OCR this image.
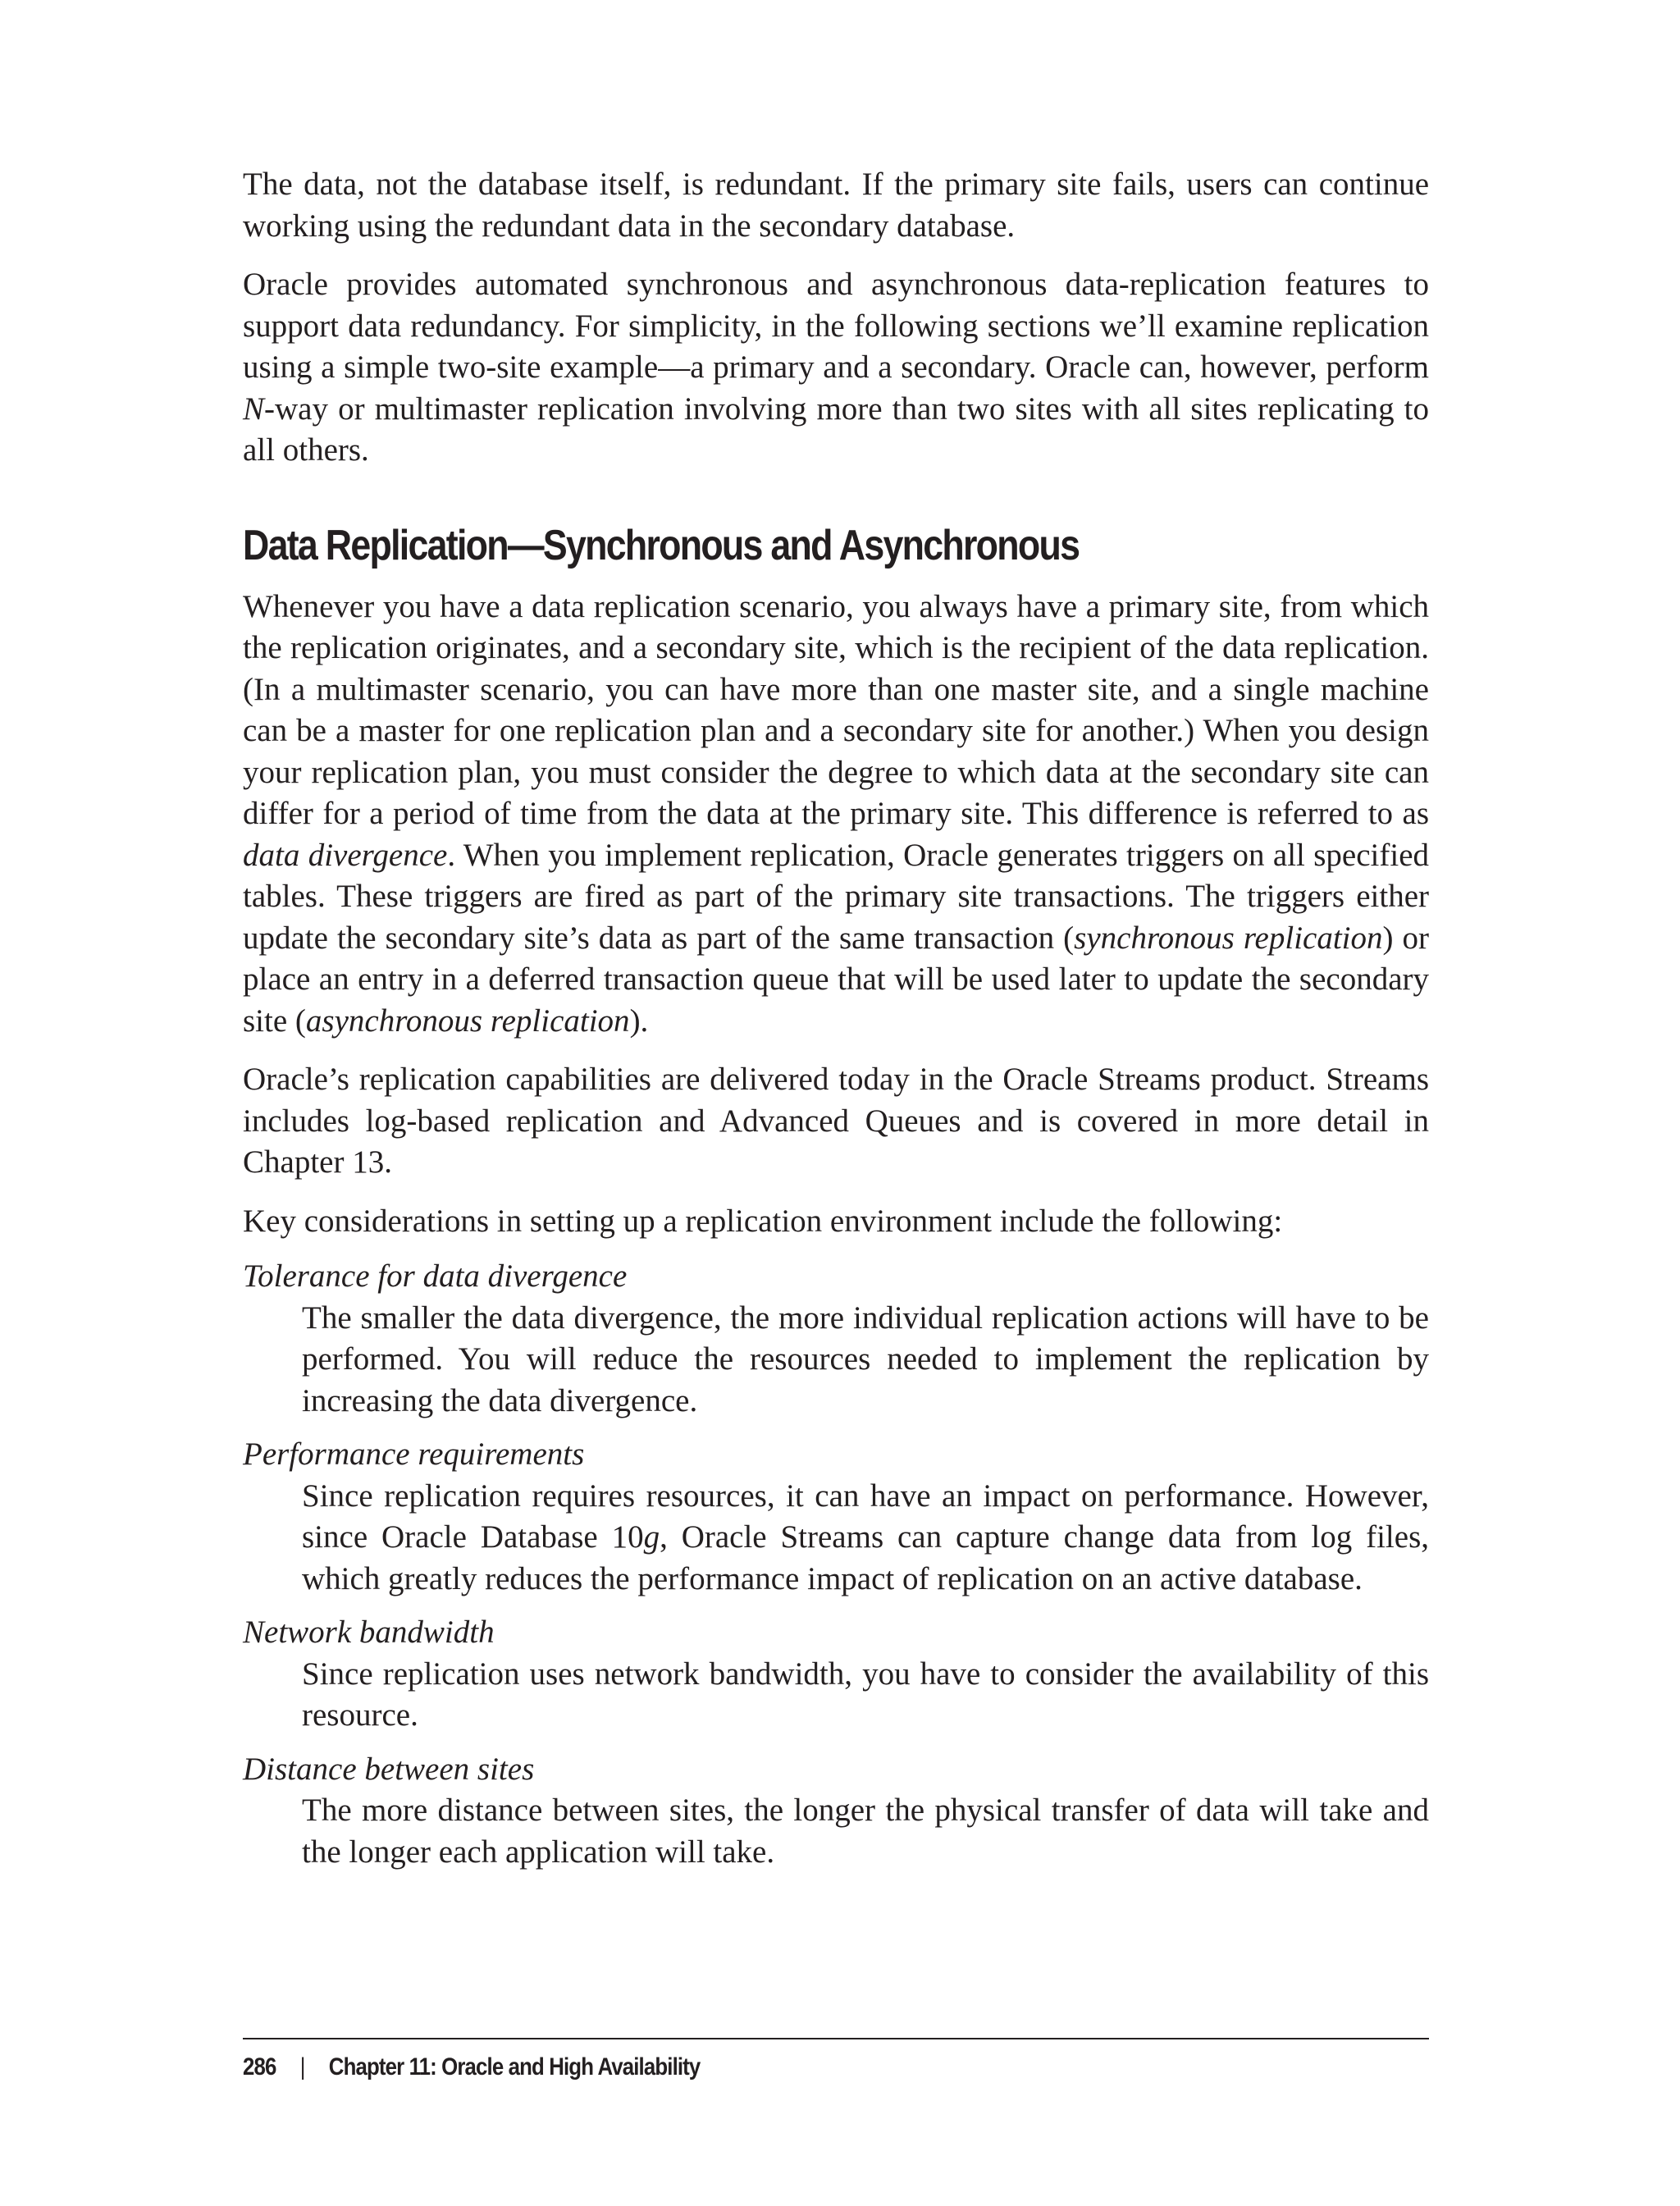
The data, not the database itself, is redundant. If the primary site fails, users can continue working using the redundant data in the secondary database.

Oracle provides automated synchronous and asynchronous data-replication features to support data redundancy. For simplicity, in the following sections we’ll examine replication using a simple two-site example—a primary and a secondary. Oracle can, however, perform N-way or multimaster replication involving more than two sites with all sites replicating to all others.

Data Replication—Synchronous and Asynchronous

Whenever you have a data replication scenario, you always have a primary site, from which the replication originates, and a secondary site, which is the recipient of the data replication. (In a multimaster scenario, you can have more than one master site, and a single machine can be a master for one replication plan and a secondary site for another.) When you design your replication plan, you must consider the degree to which data at the secondary site can differ for a period of time from the data at the primary site. This difference is referred to as data divergence. When you implement replication, Oracle generates triggers on all specified tables. These triggers are fired as part of the primary site transactions. The triggers either update the secondary site’s data as part of the same transaction (synchronous replication) or place an entry in a deferred transaction queue that will be used later to update the secondary site (asynchronous replication).

Oracle’s replication capabilities are delivered today in the Oracle Streams product. Streams includes log-based replication and Advanced Queues and is covered in more detail in Chapter 13.

Key considerations in setting up a replication environment include the following:

Tolerance for data divergence
The smaller the data divergence, the more individual replication actions will have to be performed. You will reduce the resources needed to implement the replication by increasing the data divergence.
Performance requirements
Since replication requires resources, it can have an impact on performance. However, since Oracle Database 10g, Oracle Streams can capture change data from log files, which greatly reduces the performance impact of replication on an active database.
Network bandwidth
Since replication uses network bandwidth, you have to consider the availability of this resource.
Distance between sites
The more distance between sites, the longer the physical transfer of data will take and the longer each application will take.
286 | Chapter 11: Oracle and High Availability
